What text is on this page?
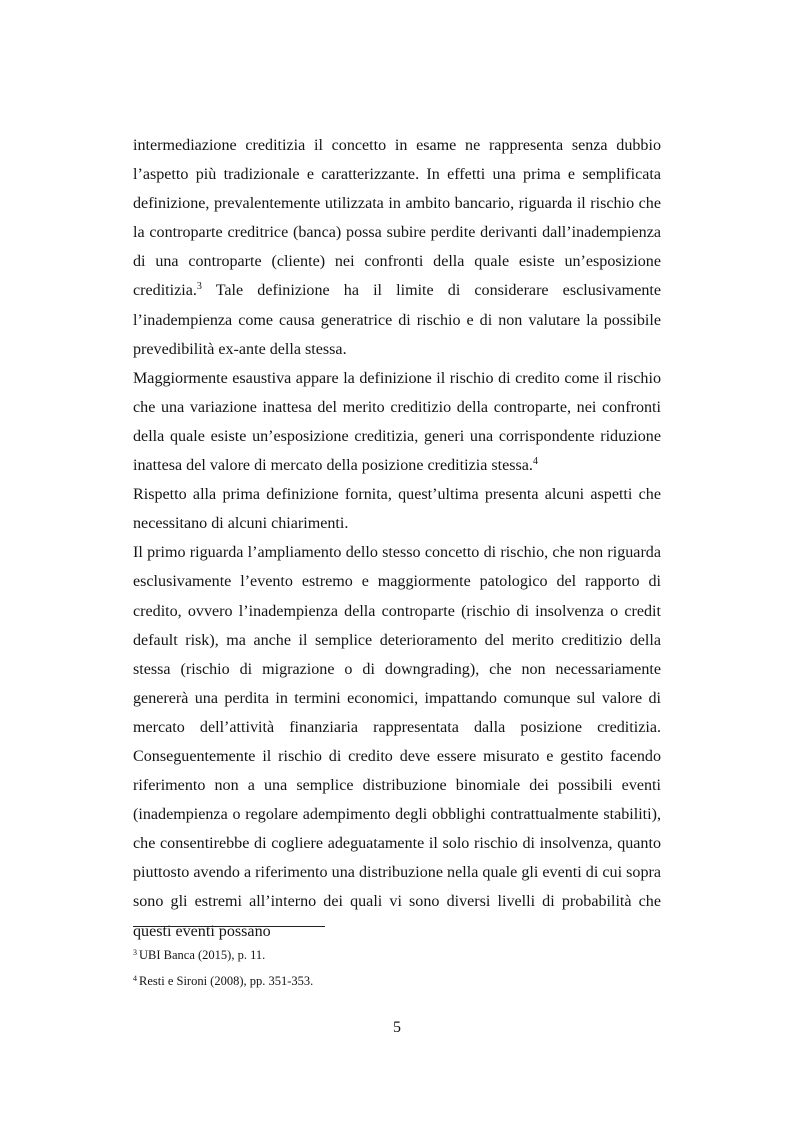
intermediazione creditizia il concetto in esame ne rappresenta senza dubbio l’aspetto più tradizionale e caratterizzante. In effetti una prima e semplificata definizione, prevalentemente utilizzata in ambito bancario, riguarda il rischio che la controparte creditrice (banca) possa subire perdite derivanti dall’inadempienza di una controparte (cliente) nei confronti della quale esiste un’esposizione creditizia.$^3$ Tale definizione ha il limite di considerare esclusivamente l’inadempienza come causa generatrice di rischio e di non valutare la possibile prevedibilità ex-ante della stessa.

Maggiormente esaustiva appare la definizione il rischio di credito come il rischio che una variazione inattesa del merito creditizio della controparte, nei confronti della quale esiste un’esposizione creditizia, generi una corrispondente riduzione inattesa del valore di mercato della posizione creditizia stessa.$^4$

Rispetto alla prima definizione fornita, quest’ultima presenta alcuni aspetti che necessitano di alcuni chiarimenti.

Il primo riguarda l’ampliamento dello stesso concetto di rischio, che non riguarda esclusivamente l’evento estremo e maggiormente patologico del rapporto di credito, ovvero l’inadempienza della controparte (rischio di insolvenza o credit default risk), ma anche il semplice deterioramento del merito creditizio della stessa (rischio di migrazione o di downgrading), che non necessariamente genererà una perdita in termini economici, impattando comunque sul valore di mercato dell’attività finanziaria rappresentata dalla posizione creditizia. Conseguentemente il rischio di credito deve essere misurato e gestito facendo riferimento non a una semplice distribuzione binomiale dei possibili eventi (inadempienza o regolare adempimento degli obblighi contrattualmente stabiliti), che consentirebbe di cogliere adeguatamente il solo rischio di insolvenza, quanto piuttosto avendo a riferimento una distribuzione nella quale gli eventi di cui sopra sono gli estremi all’interno dei quali vi sono diversi livelli di probabilità che questi eventi possano

$^3$ UBI Banca (2015), p. 11.

$^4$ Resti e Sironi (2008), pp. 351-353.

5
